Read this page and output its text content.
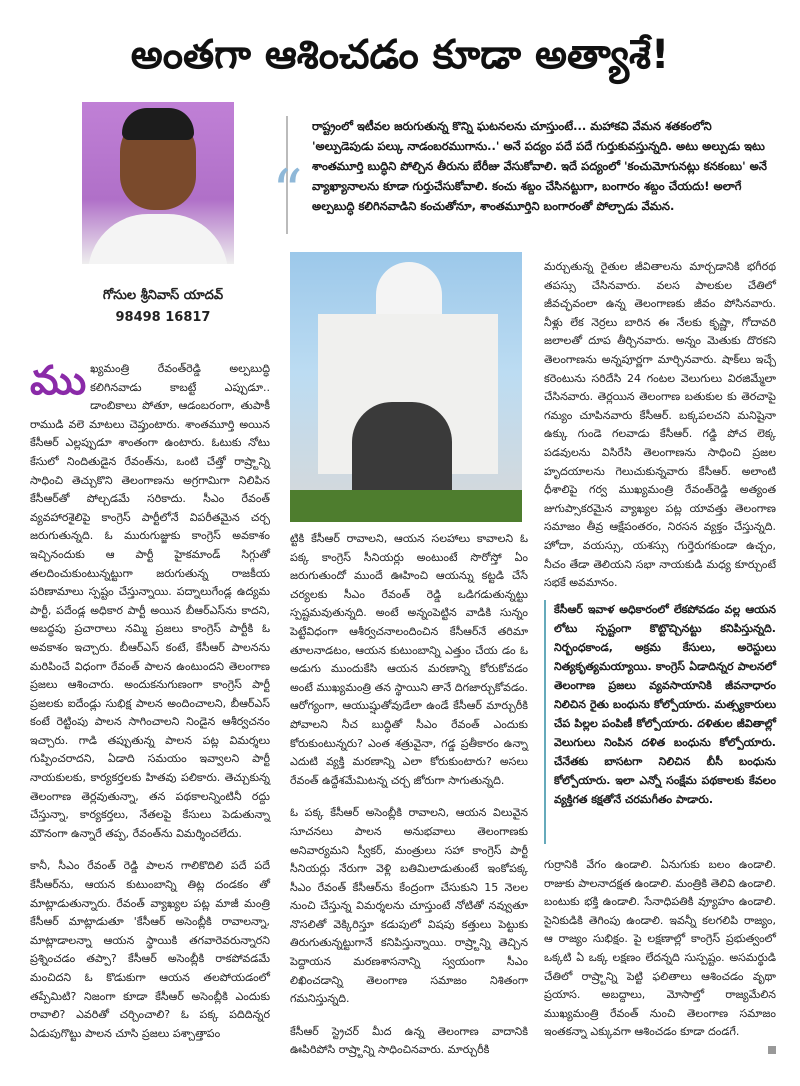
అంతగా ఆశించడం కూడా అత్యాశే!
గోసుల శ్రీనివాస్ యాదవ్
98498 16817
“
రాష్ట్రంలో ఇటీవల జరుగుతున్న కొన్ని ఘటనలను చూస్తుంటే... మహాకవి వేమన శతకంలోని 'అల్పుడెపుడు పల్కు నాడంబరముగాను..' అనే పద్యం పదే పదే గుర్తుకువస్తున్నది. అటు అల్పుడు ఇటు శాంతమూర్తి బుద్ధిని పోల్చిన తీరును బేరీజు వేసుకోవాలి. ఇదే పద్యంలో 'కంచుమోగునట్లు కనకంబు' అనే వ్యాఖ్యానాలను కూడా గుర్తుచేసుకోవాలి. కంచు శబ్దం చేసినట్టుగా, బంగారం శబ్దం చేయదు! అలాగే అల్పబుద్ధి కలిగినవాడిని కంచుతోనూ, శాంతమూర్తిని బంగారంతో పోల్చాడు వేమన.

ము ఖ్యమంత్రి రేవంత్‌రెడ్డి అల్పబుద్ధి కలిగినవాడు కాబట్టే ఎప్పుడూ.. డాంబికాలు పోతూ, ఆడంబరంగా, తుపాకీ రాముడి వలె మాటలు చెప్తుంటారు. శాంతమూర్తి అయిన కేసీఆర్ ఎల్లప్పుడూ శాంతంగా ఉంటారు. ఓటుకు నోటు కేసులో నిందితుడైన రేవంత్‌ను, ఒంటి చేత్తో రాష్ర్టాన్ని సాధించి తెచ్చుకొని తెలంగాణను అగ్రగామిగా నిలిపిన కేసీఆర్‌తో పోల్చడమే సరికాదు. సీఎం రేవంత్ వ్యవహారశైలిపై కాంగ్రెస్ పార్టీలోనే విపరీతమైన చర్చ జరుగుతున్నది. ఓ మురుగుజ్జుకు కాంగ్రెస్ అవకాశం ఇచ్చినందుకు ఆ పార్టీ హైకమాండ్ సిగ్గుతో తలదించుకుంటున్నట్టుగా జరుగుతున్న రాజకీయ పరిణామాలు స్పష్టం చేస్తున్నాయి. పద్నాలుగేండ్ల ఉద్యమ పార్టీ, పదేండ్ల అధికార పార్టీ అయిన బీఆర్‌ఎస్‌ను కాదని, అబద్ధపు ప్రచారాలు నమ్మి ప్రజలు కాంగ్రెస్ పార్టీకి ఓ అవకాశం ఇచ్చారు. బీఆర్‌ఎస్ కంటే, కేసీఆర్ పాలనను మరిపించే విధంగా రేవంత్ పాలన ఉంటుందని తెలంగాణ ప్రజలు ఆశించారు. అందుకనుగుణంగా కాంగ్రెస్ పార్టీ ప్రజలకు ఐదేండ్లు సుభిక్ష పాలన అందించాలని, బీఆర్‌ఎస్ కంటే రెట్టింపు పాలన సాగించాలని నిండైన ఆశీర్వచనం ఇచ్చారు. గాడి తప్పుతున్న పాలన పట్ల విమర్శలు గుప్పించరాదని, ఏడాది సమయం ఇవ్వాలని పార్టీ నాయకులకు, కార్యకర్తలకు హితవు పలికారు. తెచ్చుకున్న తెలంగాణ తెర్లవుతున్నా, తన పథకాలన్నింటినీ రద్దు చేస్తున్నా, కార్యకర్తలు, నేతలపై కేసులు పెడుతున్నా మౌనంగా ఉన్నారే తప్ప, రేవంత్‌ను విమర్శించలేదు.

కానీ, సీఎం రేవంత్ రెడ్డి పాలన గాలికొదిలి పదే పదే కేసీఆర్‌ను, ఆయన కుటుంబాన్ని తిట్ల దండకం తో మాట్లాడుతున్నారు. రేవంత్ వ్యాఖ్యల పట్ల మాజీ మంత్రి కేసీఆర్ మాట్లాడుతూ 'కేసీఆర్ అసెంబ్లీకి రావాలన్నా, మాట్లాడాలన్నా ఆయన స్థాయికి తగవారెవరున్నారని ప్రశ్నించడం తప్పా? కేసీఆర్ అసెంబ్లీకి రాకపోవడమే మంచిదని ఓ కొడుకుగా ఆయన తలపోయడంలో తప్పేమిటి? నిజంగా కూడా కేసీఆర్ అసెంబ్లీకి ఎందుకు రావాలి? ఎవరితో చర్చించాలి? ఓ పక్క పదిదిన్నర ఏడుపుగొట్టు పాలన చూసి ప్రజలు పశ్చాత్తాపం

ట్టికి కేసీఆర్ రావాలని, ఆయన సలహాలు కావాలని ఓ పక్క కాంగ్రెస్ సీనియర్లు అంటుంటే సొరోస్తో ఏం జరుగుతుందో ముందే ఊహించి ఆయన్ను కట్టడి చేసే చర్యలకు సీఎం రేవంత్ రెడ్డి ఒడిగడుతున్నట్టు స్పష్టమవుతున్నది. అంటే అన్నంపెట్టిన వాడికి సున్నం పెట్టేవిధంగా ఆశీర్వచనాలందించిన కేసీఆర్‌నే తరిమా తూలనాడటం, ఆయన కుటుంబాన్ని ఎత్తుం చేయ డం ఓ అడుగు ముందుకేసి ఆయన మరణాన్ని కోరుకోవడం అంటే ముఖ్యమంత్రి తన స్థాయిని తానే దిగజార్చుకోవడం. ఆరోగ్యంగా, ఆయుష్షుతోవుడేలా ఉండే కేసీఆర్ మార్చురీకి పోవాలని నీచ బుద్ధితో సీఎం రేవంత్ ఎందుకు కోరుకుంటున్నరు? ఎంత శత్రువైనా, గడ్డ ప్రతీకారం ఉన్నా ఎదుటి వ్యక్తి మరణాన్ని ఎలా కోరుకుంటారు? అసలు రేవంత్ ఉద్దేశమేమిటన్న చర్చ జోరుగా సాగుతున్నది.

ఓ పక్క కేసీఆర్ అసెంబ్లీకి రావాలని, ఆయన విలువైన సూచనలు పాలన అనుభవాలు తెలంగాణకు అనివార్యమని స్వీకర్, మంత్రులు సహా కాంగ్రెస్ పార్టీ సీనియర్లు నేరుగా వెళ్లి బతిమిలాడుతుంటే ఇంకోపక్క సీఎం రేవంత్ కేసీఆర్‌ను కేంద్రంగా చేసుకుని 15 నెలల నుంచి చేస్తున్న విమర్శలను చూస్తుంటే నోటితో నవ్వుతూ నొసలితో వెక్కిరిస్తూ కడుపులో విషపు కత్తులు పెట్టుకు తిరుగుతున్నట్టుగానే కనిపిస్తున్నాయి. రాష్ర్టాన్ని తెచ్చిన పెద్దాయన మరణశాసనాన్ని స్వయంగా సీఎం లిఖించడాన్ని తెలంగాణ సమాజం నిశితంగా గమనిస్తున్నది.

కేసీఆర్ స్ట్రెచర్ మీద ఉన్న తెలంగాణ వాదానికి ఊపిరిపోసి రాష్ర్టాన్ని సాధించినవారు. మార్చురీకి

మర్చుతున్న రైతుల జీవితాలను మార్చడానికి భగీరథ తపస్సు చేసినవారు. వలస పాలకుల చేతిలో జీవచ్ఛవంలా ఉన్న తెలంగాణకు జీవం పోసినవారు. నీళ్లు లేక నెర్రలు బారిన ఈ నేలకు కృష్ణా, గోదావరి జలాలతో దూప తీర్చినవారు. అన్నం మెతుకు దొరకని తెలంగాణను అన్నపూర్ణగా మార్చినవారు. షాక్‌లు ఇచ్చే కరెంటును సరిదేసి 24 గంటల వెలుగులు విరజిమ్మేలా చేసినవారు. తెర్లయిన తెలంగాణ బతుకుల కు తెరచాపై గమ్యం చూపినవారు కేసీఆర్. బక్కపలచని మనిషైనా ఉక్కు గుండె గలవాడు కేసీఆర్. గడ్డి పోచ లెక్క పడవులను విసిరేసి తెలంగాణను సాధించి ప్రజల హృదయాలను గెలుచుకున్నవారు కేసీఆర్. అలాంటి ధీశాలిపై గర్వ ముఖ్యమంత్రి రేవంత్‌రెడ్డి అత్యంత జుగుప్సాకరమైన వ్యాఖ్యల పట్ల యావత్తు తెలంగాణ సమాజం తీవ్ర ఆక్షేపంతరం, నిరసన వ్యక్తం చేస్తున్నది. హోదా, వయస్సు, యశస్సు గుర్తెరుగకుండా ఉచ్చం, నీచం తేడా తెలియని సభా నాయకుడి మధ్య కూర్చుంటే సభకే అవమానం.

కేసీఆర్ ఇవాళ అధికారంలో లేకపోవడం వల్ల ఆయన లోటు స్పష్టంగా కొట్టొచ్చినట్టు కనిపిస్తున్నది. నిర్బంధకాండ, అక్రమ కేసులు, అరెస్టులు నిత్యకృత్యమయ్యాయి. కాంగ్రెస్ ఏడాదిన్నర పాలనలో తెలంగాణ ప్రజలు వ్యవసాయానికి జీవనాధారం నిలిచిన రైతు బంధును కోల్పోయారు. మత్స్యకారులు చేప పిల్లల పంపిణీ కోల్పోయారు. దళితుల జీవితాల్లో వెలుగులు నింపిన దళిత బంధును కోల్పోయారు. చేనేతకు బాసటగా నిలిచిన బీసీ బంధును కోల్పోయారు. ఇలా ఎన్నో సంక్షేమ పథకాలకు కేవలం వ్యక్తిగత కక్షతోనే చరమగీతం పాడారు.

గుర్రానికి వేగం ఉండాలి. ఏనుగుకు బలం ఉండాలి. రాజుకు పాలనాదక్షత ఉండాలి. మంత్రికి తెలివి ఉండాలి. బంటుకు భక్తి ఉండాలి. సేనాధిపతికి వ్యూహం ఉండాలి. సైనికుడికి తెగింపు ఉండాలి. ఇవన్నీ కలగలిపి రాజ్యం, ఆ రాజ్యం సుభిక్షం. పై లక్షణాల్లో కాంగ్రెస్ ప్రభుత్వంలో ఒక్కటి ఏ ఒక్క లక్షణం లేదన్నది సుస్పష్టం. అసమర్థుడి చేతిలో రాష్ర్టాన్ని పెట్టి ఫలితాలు ఆశించడం వృథా ప్రయాస. అబద్దాలు, మోసాల్తో రాజ్యమేలిన ముఖ్యమంత్రి రేవంత్ నుంచి తెలంగాణ సమాజం ఇంతకన్నా ఎక్కువగా ఆశించడం కూడా దండగే.
